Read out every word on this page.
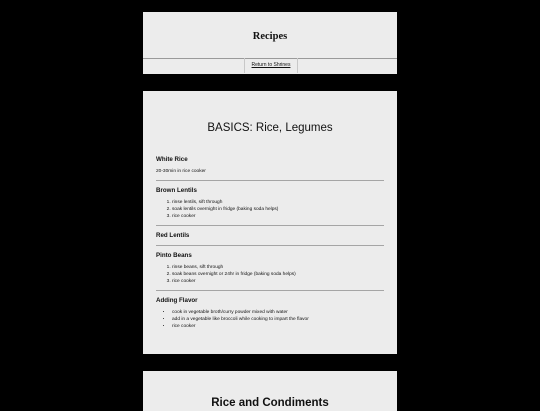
Recipes
Return to Shrines
BASICS: Rice, Legumes
White Rice

20-30min in rice cooker

Brown Lentils
1. rinse lentils, sift through
2. soak lentils overnight in fridge (baking soda helps)
3. rice cooker
Red Lentils
Pinto Beans
1. rinse beans, sift through
2. soak beans overnight or 24hr in fridge (baking soda helps)
3. rice cooker
Adding Flavor
• cook in vegetable broth/curry powder mixed with water
• add in a vegetable like broccoli while cooking to impart the flavor
• rice cooker
Rice and Condiments
